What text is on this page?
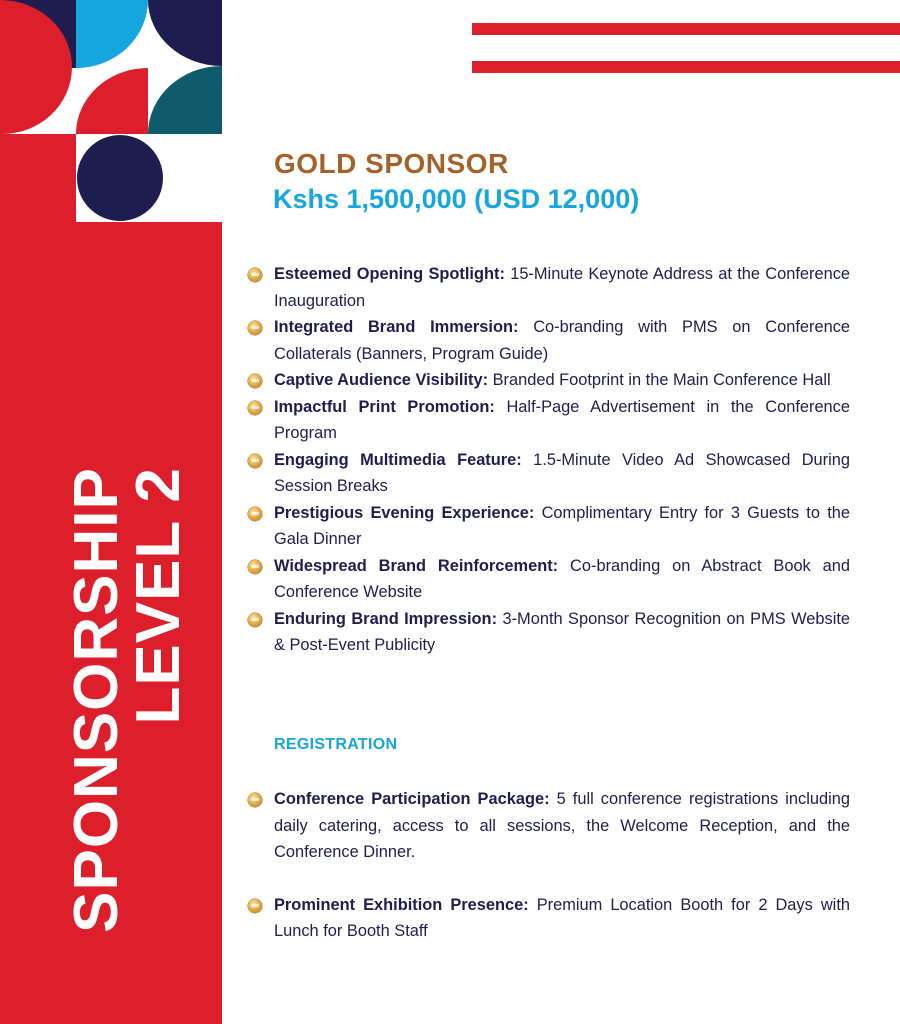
SPONSORSHIP
LEVEL 2
GOLD SPONSOR
Kshs 1,500,000 (USD 12,000)
Esteemed Opening Spotlight: 15-Minute Keynote Address at the Conference Inauguration
Integrated Brand Immersion: Co-branding with PMS on Conference Collaterals (Banners, Program Guide)
Captive Audience Visibility: Branded Footprint in the Main Conference Hall
Impactful Print Promotion: Half-Page Advertisement in the Conference Program
Engaging Multimedia Feature: 1.5-Minute Video Ad Showcased During Session Breaks
Prestigious Evening Experience: Complimentary Entry for 3 Guests to the Gala Dinner
Widespread Brand Reinforcement: Co-branding on Abstract Book and Conference Website
Enduring Brand Impression: 3-Month Sponsor Recognition on PMS Website & Post-Event Publicity
REGISTRATION
Conference Participation Package: 5 full conference registrations including daily catering, access to all sessions, the Welcome Reception, and the Conference Dinner.
Prominent Exhibition Presence: Premium Location Booth for 2 Days with Lunch for Booth Staff
